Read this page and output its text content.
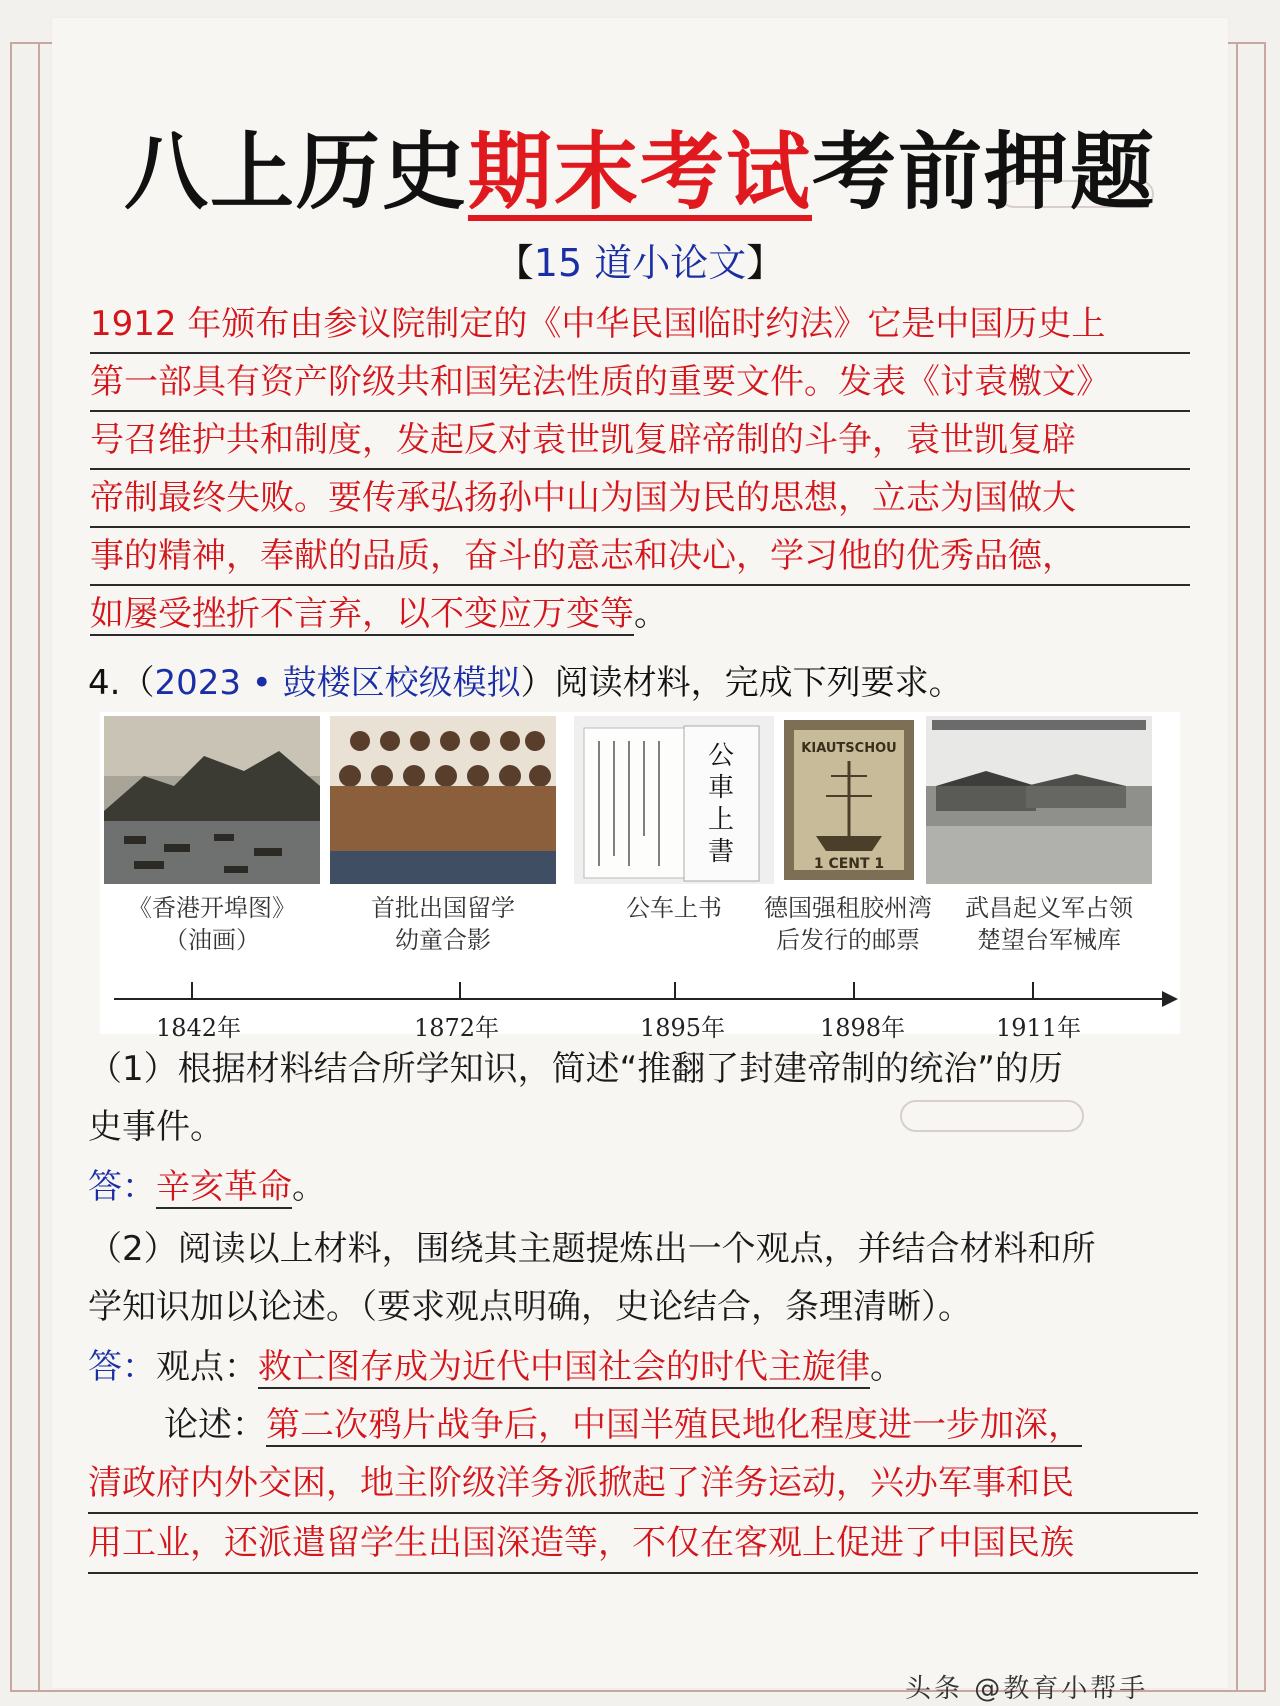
八上历史期末考试考前押题
【15 道小论文】
1912 年颁布由参议院制定的《中华民国临时约法》它是中国历史上
第一部具有资产阶级共和国宪法性质的重要文件。发表《讨袁檄文》
号召维护共和制度，发起反对袁世凯复辟帝制的斗争，袁世凯复辟
帝制最终失败。要传承弘扬孙中山为国为民的思想，立志为国做大
事的精神，奉献的品质，奋斗的意志和决心，学习他的优秀品德，
如屡受挫折不言弃，以不变应万变等。
4.（2023 • 鼓楼区校级模拟）阅读材料，完成下列要求。
公
車
上
書
KIAUTSCHOU
1 CENT 1
《香港开埠图》
（油画）
首批出国留学
幼童合影
公车上书	德国强租胶州湾
后发行的邮票
武昌起义军占领
楚望台军械库
1842年	1872年	1895年	1898年	1911年
（1）根据材料结合所学知识，简述“推翻了封建帝制的统治”的历
史事件。
答：辛亥革命。
（2）阅读以上材料，围绕其主题提炼出一个观点，并结合材料和所
学知识加以论述。（要求观点明确，史论结合，条理清晰）。
答：观点：救亡图存成为近代中国社会的时代主旋律。
论述：第二次鸦片战争后，中国半殖民地化程度进一步加深，
清政府内外交困，地主阶级洋务派掀起了洋务运动，兴办军事和民
用工业，还派遣留学生出国深造等，不仅在客观上促进了中国民族
头条 @教育小帮手
